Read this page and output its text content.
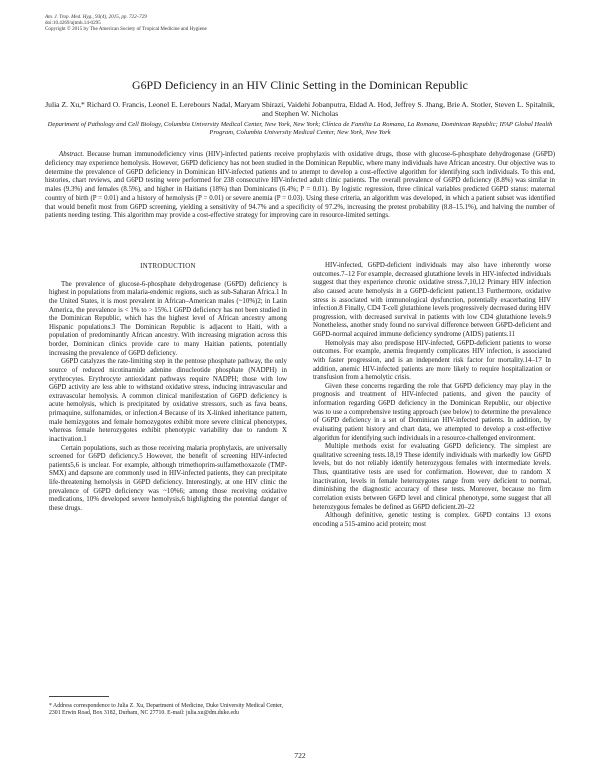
Am. J. Trop. Med. Hyg., 93(4), 2015, pp. 722–729
doi:10.4269/ajtmh.14-0295
Copyright © 2015 by The American Society of Tropical Medicine and Hygiene
G6PD Deficiency in an HIV Clinic Setting in the Dominican Republic
Julia Z. Xu,* Richard O. Francis, Leonel E. Lerebours Nadal, Maryam Shirazi, Vaidehi Jobanputra, Eldad A. Hod, Jeffrey S. Jhang, Brie A. Stotler, Steven L. Spitalnik, and Stephen W. Nicholas
Department of Pathology and Cell Biology, Columbia University Medical Center, New York, New York; Clínica de Familia La Romana, La Romana, Dominican Republic; IFAP Global Health Program, Columbia University Medical Center, New York, New York

Abstract. Because human immunodeficiency virus (HIV)-infected patients receive prophylaxis with oxidative drugs, those with glucose-6-phosphate dehydrogenase (G6PD) deficiency may experience hemolysis. However, G6PD deficiency has not been studied in the Dominican Republic, where many individuals have African ancestry. Our objective was to determine the prevalence of G6PD deficiency in Dominican HIV-infected patients and to attempt to develop a cost-effective algorithm for identifying such individuals. To this end, histories, chart reviews, and G6PD testing were performed for 238 consecutive HIV-infected adult clinic patients. The overall prevalence of G6PD deficiency (8.8%) was similar in males (9.3%) and females (8.5%), and higher in Haitians (18%) than Dominicans (6.4%; P = 0.01). By logistic regression, three clinical variables predicted G6PD status: maternal country of birth (P = 0.01) and a history of hemolysis (P = 0.01) or severe anemia (P = 0.03). Using these criteria, an algorithm was developed, in which a patient subset was identified that would benefit most from G6PD screening, yielding a sensitivity of 94.7% and a specificity of 97.2%, increasing the pretest probability (8.8–15.1%), and halving the number of patients needing testing. This algorithm may provide a cost-effective strategy for improving care in resource-limited settings.

INTRODUCTION

The prevalence of glucose-6-phosphate dehydrogenase (G6PD) deficiency is highest in populations from malaria-endemic regions, such as sub-Saharan Africa.1 In the United States, it is most prevalent in African–American males (~10%)2; in Latin America, the prevalence is < 1% to > 15%.1 G6PD deficiency has not been studied in the Dominican Republic, which has the highest level of African ancestry among Hispanic populations.3 The Dominican Republic is adjacent to Haiti, with a population of predominantly African ancestry. With increasing migration across this border, Dominican clinics provide care to many Haitian patients, potentially increasing the prevalence of G6PD deficiency.

G6PD catalyzes the rate-limiting step in the pentose phosphate pathway, the only source of reduced nicotinamide adenine dinucleotide phosphate (NADPH) in erythrocytes. Erythrocyte antioxidant pathways require NADPH; those with low G6PD activity are less able to withstand oxidative stress, inducing intravascular and extravascular hemolysis. A common clinical manifestation of G6PD deficiency is acute hemolysis, which is precipitated by oxidative stressors, such as fava beans, primaquine, sulfonamides, or infection.4 Because of its X-linked inheritance pattern, male hemizygotes and female homozygotes exhibit more severe clinical phenotypes, whereas female heterozygotes exhibit phenotypic variability due to random X inactivation.1

Certain populations, such as those receiving malaria prophylaxis, are universally screened for G6PD deficiency.5 However, the benefit of screening HIV-infected patients5,6 is unclear. For example, although trimethoprim-sulfamethoxazole (TMP-SMX) and dapsone are commonly used in HIV-infected patients, they can precipitate life-threatening hemolysis in G6PD deficiency. Interestingly, at one HIV clinic the prevalence of G6PD deficiency was ~10%6; among those receiving oxidative medications, 10% developed severe hemolysis,6 highlighting the potential danger of these drugs.

* Address correspondence to Julia Z. Xu, Department of Medicine, Duke University Medical Center, 2301 Erwin Road, Box 3182, Durham, NC 27710. E-mail: julia.xu@dm.duke.edu

HIV-infected, G6PD-deficient individuals may also have inherently worse outcomes.7–12 For example, decreased glutathione levels in HIV-infected individuals suggest that they experience chronic oxidative stress.7,10,12 Primary HIV infection also caused acute hemolysis in a G6PD-deficient patient.13 Furthermore, oxidative stress is associated with immunological dysfunction, potentially exacerbating HIV infection.8 Finally, CD4 T-cell glutathione levels progressively decreased during HIV progression, with decreased survival in patients with low CD4 glutathione levels.9 Nonetheless, another study found no survival difference between G6PD-deficient and G6PD-normal acquired immune deficiency syndrome (AIDS) patients.11

Hemolysis may also predispose HIV-infected, G6PD-deficient patients to worse outcomes. For example, anemia frequently complicates HIV infection, is associated with faster progression, and is an independent risk factor for mortality.14–17 In addition, anemic HIV-infected patients are more likely to require hospitalization or transfusion from a hemolytic crisis.

Given these concerns regarding the role that G6PD deficiency may play in the prognosis and treatment of HIV-infected patients, and given the paucity of information regarding G6PD deficiency in the Dominican Republic, our objective was to use a comprehensive testing approach (see below) to determine the prevalence of G6PD deficiency in a set of Dominican HIV-infected patients. In addition, by evaluating patient history and chart data, we attempted to develop a cost-effective algorithm for identifying such individuals in a resource-challenged environment.

Multiple methods exist for evaluating G6PD deficiency. The simplest are qualitative screening tests.18,19 These identify individuals with markedly low G6PD levels, but do not reliably identify heterozygous females with intermediate levels. Thus, quantitative tests are used for confirmation. However, due to random X inactivation, levels in female heterozygotes range from very deficient to normal, diminishing the diagnostic accuracy of these tests. Moreover, because no firm correlation exists between G6PD level and clinical phenotype, some suggest that all heterozygous females be defined as G6PD deficient.20–22

Although definitive, genetic testing is complex. G6PD contains 13 exons encoding a 515-amino acid protein; most

722
